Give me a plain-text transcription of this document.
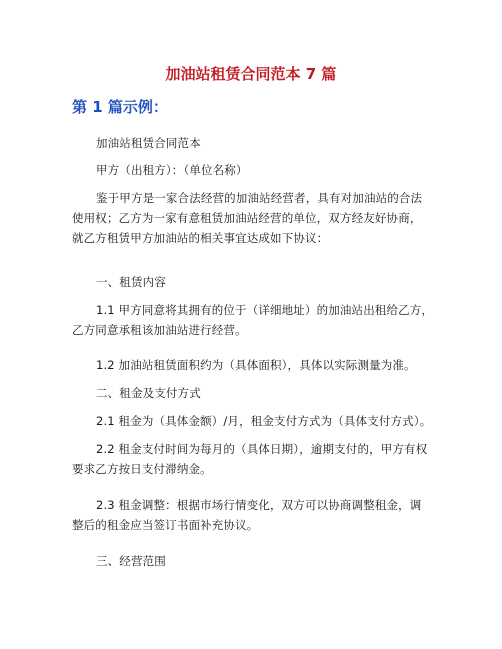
加油站租赁合同范本 7 篇
第 1 篇示例：
加油站租赁合同范本
甲方（出租方）：（单位名称）
鉴于甲方是一家合法经营的加油站经营者，具有对加油站的合法
使用权；乙方为一家有意租赁加油站经营的单位，双方经友好协商，
就乙方租赁甲方加油站的相关事宜达成如下协议：
一、租赁内容
1.1 甲方同意将其拥有的位于（详细地址）的加油站出租给乙方，
乙方同意承租该加油站进行经营。
1.2 加油站租赁面积约为（具体面积），具体以实际测量为准。
二、租金及支付方式
2.1 租金为（具体金额）/月，租金支付方式为（具体支付方式）。
2.2 租金支付时间为每月的（具体日期），逾期支付的，甲方有权
要求乙方按日支付滞纳金。
2.3 租金调整：根据市场行情变化，双方可以协商调整租金，调
整后的租金应当签订书面补充协议。
三、经营范围
